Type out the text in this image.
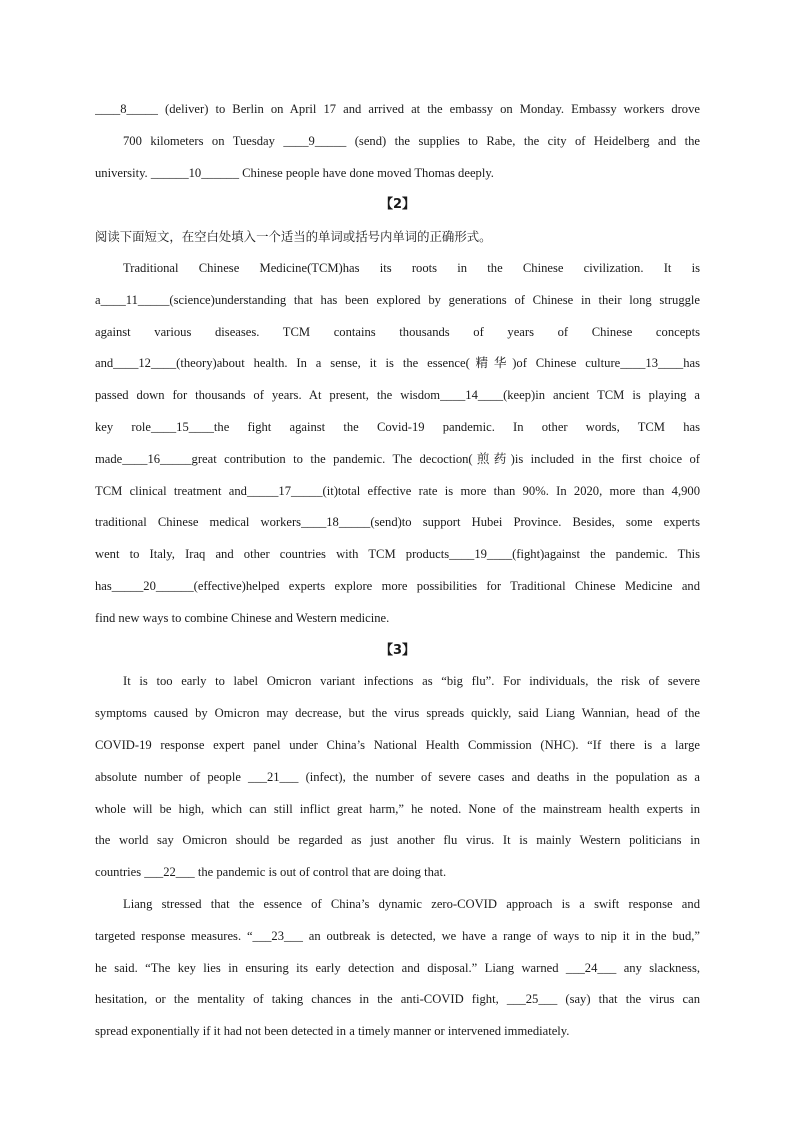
____8_____ (deliver) to Berlin on April 17 and arrived at the embassy on Monday. Embassy workers drove
700 kilometers on Tuesday ____9_____ (send) the supplies to Rabe, the city of Heidelberg and the
university. ______10______ Chinese people have done moved Thomas deeply.
【2】
阅读下面短文，在空白处填入一个适当的单词或括号内单词的正确形式。
Traditional Chinese Medicine(TCM)has its roots in the Chinese civilization. It is
a____11_____(science)understanding that has been explored by generations of Chinese in their long struggle
against various diseases. TCM contains thousands of years of Chinese concepts
and____12____(theory)about health. In a sense, it is the essence(精华)of Chinese culture____13____has
passed down for thousands of years. At present, the wisdom____14____(keep)in ancient TCM is playing a
key role____15____the fight against the Covid-19 pandemic. In other words, TCM has
made____16_____great contribution to the pandemic. The decoction(煎药)is included in the first choice of
TCM clinical treatment and_____17_____(it)total effective rate is more than 90%. In 2020, more than 4,900
traditional Chinese medical workers____18_____(send)to support Hubei Province. Besides, some experts
went to Italy, Iraq and other countries with TCM products____19____(fight)against the pandemic. This
has_____20______(effective)helped experts explore more possibilities for Traditional Chinese Medicine and
find new ways to combine Chinese and Western medicine.
【3】
It is too early to label Omicron variant infections as “big flu”. For individuals, the risk of severe
symptoms caused by Omicron may decrease, but the virus spreads quickly, said Liang Wannian, head of the
COVID-19 response expert panel under China’s National Health Commission (NHC). “If there is a large
absolute number of people ___21___ (infect), the number of severe cases and deaths in the population as a
whole will be high, which can still inflict great harm,” he noted. None of the mainstream health experts in
the world say Omicron should be regarded as just another flu virus. It is mainly Western politicians in
countries ___22___ the pandemic is out of control that are doing that.
Liang stressed that the essence of China’s dynamic zero-COVID approach is a swift response and
targeted response measures. “___23___ an outbreak is detected, we have a range of ways to nip it in the bud,”
he said. “The key lies in ensuring its early detection and disposal.” Liang warned ___24___ any slackness,
hesitation, or the mentality of taking chances in the anti-COVID fight, ___25___ (say) that the virus can
spread exponentially if it had not been detected in a timely manner or intervened immediately.
